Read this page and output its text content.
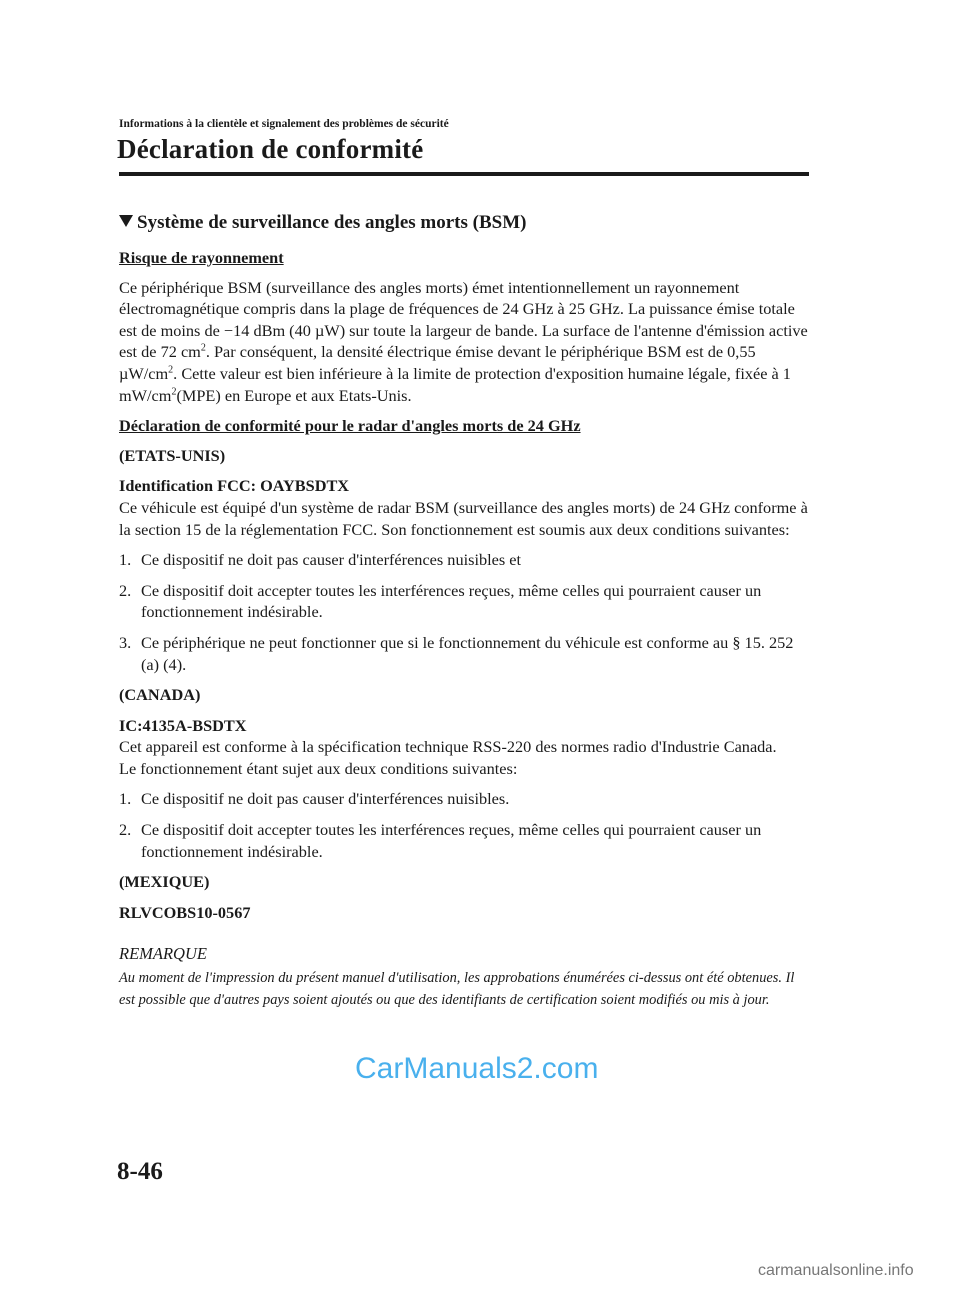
Informations à la clientèle et signalement des problèmes de sécurité
Déclaration de conformité
Système de surveillance des angles morts (BSM)
Risque de rayonnement

Ce périphérique BSM (surveillance des angles morts) émet intentionnellement un rayonnement électromagnétique compris dans la plage de fréquences de 24 GHz à 25 GHz. La puissance émise totale est de moins de −14 dBm (40 µW) sur toute la largeur de bande. La surface de l'antenne d'émission active est de 72 $cm^2$. Par conséquent, la densité électrique émise devant le périphérique BSM est de 0,55 $\mu W/cm^2$. Cette valeur est bien inférieure à la limite de protection d'exposition humaine légale, fixée à 1 $mW/cm^2(MPE)$ en Europe et aux Etats-Unis.

Déclaration de conformité pour le radar d'angles morts de 24 GHz

(ETATS-UNIS)

Identification FCC: OAYBSDTX
Ce véhicule est équipé d'un système de radar BSM (surveillance des angles morts) de 24 GHz conforme à la section 15 de la réglementation FCC. Son fonctionnement est soumis aux deux conditions suivantes:

1. Ce dispositif ne doit pas causer d'interférences nuisibles et
2. Ce dispositif doit accepter toutes les interférences reçues, même celles qui pourraient causer un fonctionnement indésirable.
3. Ce périphérique ne peut fonctionner que si le fonctionnement du véhicule est conforme au § 15. 252 (a) (4).

(CANADA)

IC:4135A-BSDTX
Cet appareil est conforme à la spécification technique RSS-220 des normes radio d'Industrie Canada.
Le fonctionnement étant sujet aux deux conditions suivantes:

1. Ce dispositif ne doit pas causer d'interférences nuisibles.
2. Ce dispositif doit accepter toutes les interférences reçues, même celles qui pourraient causer un fonctionnement indésirable.

(MEXIQUE)

RLVCOBS10-0567

REMARQUE
Au moment de l'impression du présent manuel d'utilisation, les approbations énumérées ci-dessus ont été obtenues. Il est possible que d'autres pays soient ajoutés ou que des identifiants de certification soient modifiés ou mis à jour.
CarManuals2.com
8-46
carmanualsonline.info
